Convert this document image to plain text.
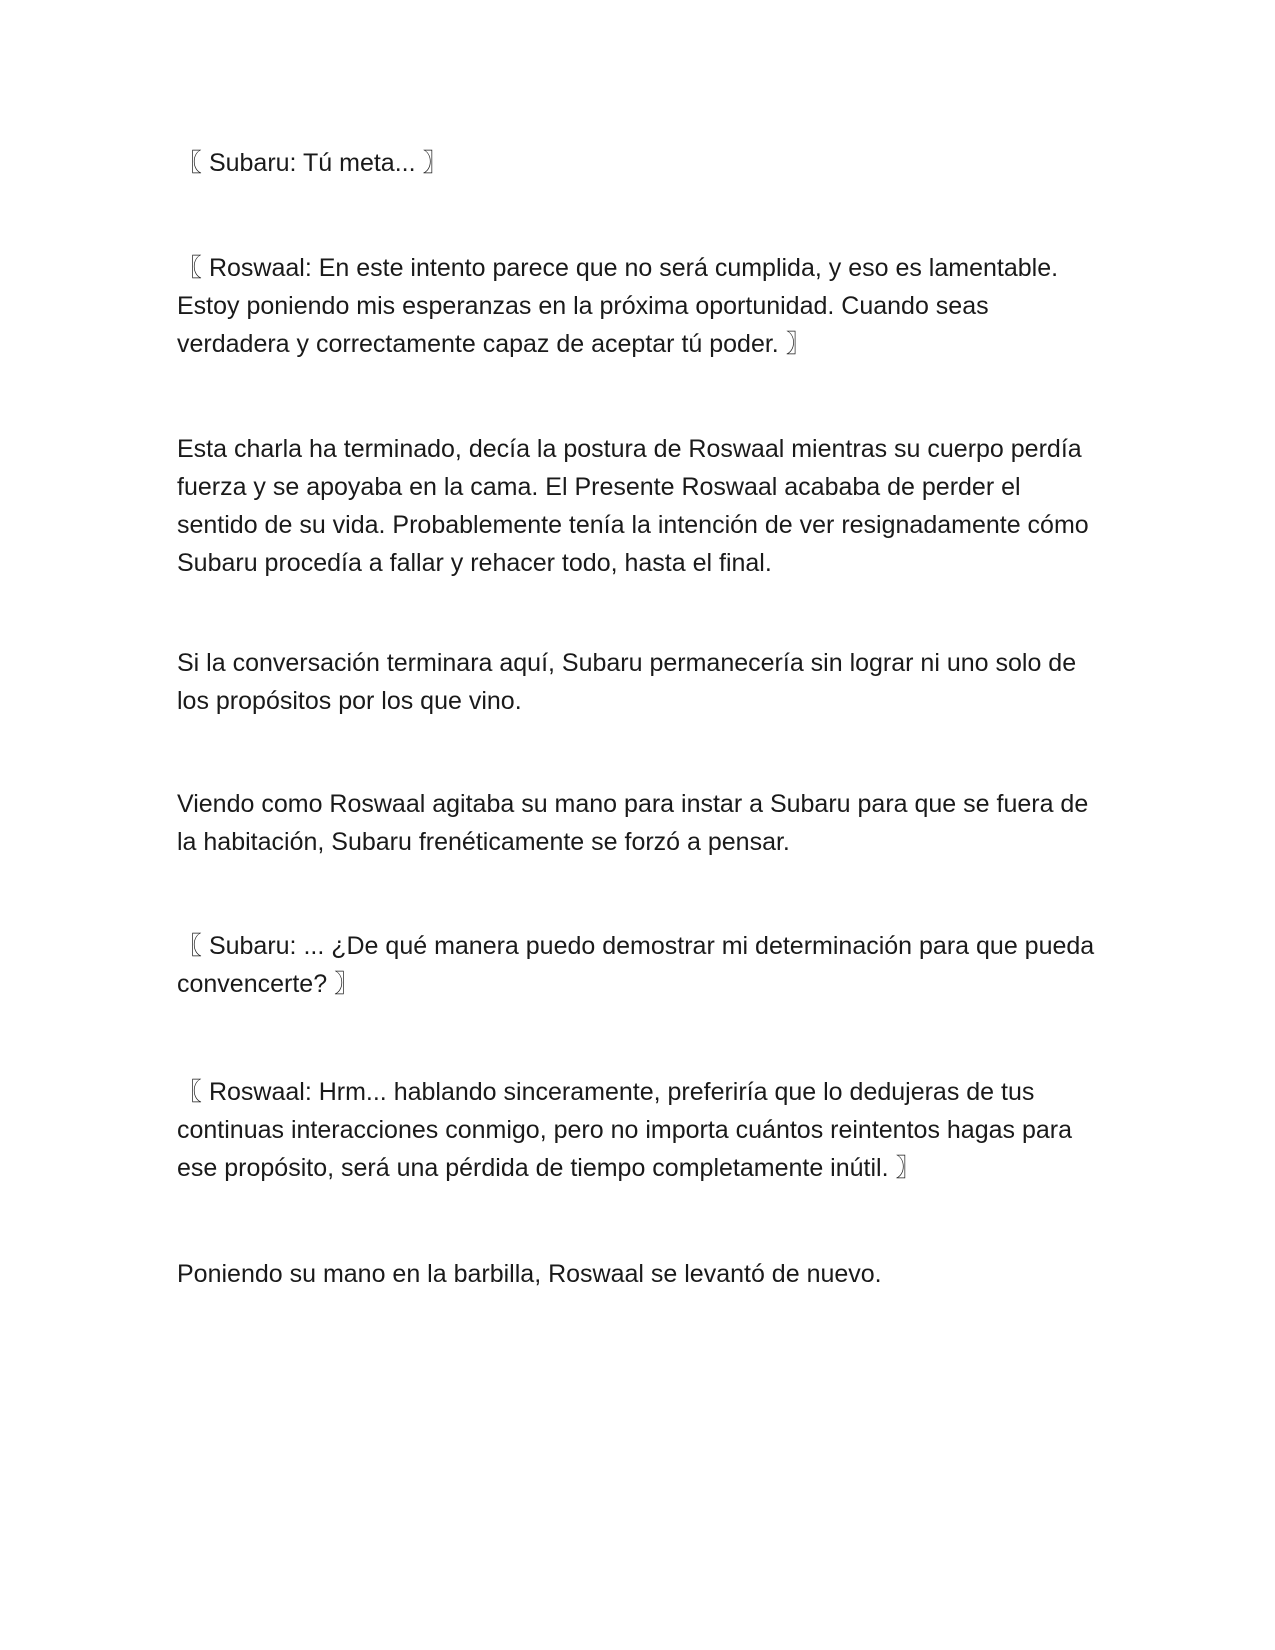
〖 Subaru: Tú meta... 〗

〖 Roswaal: En este intento parece que no será cumplida, y eso es lamentable. Estoy poniendo mis esperanzas en la próxima oportunidad. Cuando seas verdadera y correctamente capaz de aceptar tú poder. 〗

Esta charla ha terminado, decía la postura de Roswaal mientras su cuerpo perdía fuerza y se apoyaba en la cama. El Presente Roswaal acababa de perder el sentido de su vida. Probablemente tenía la intención de ver resignadamente cómo Subaru procedía a fallar y rehacer todo, hasta el final.

Si la conversación terminara aquí, Subaru permanecería sin lograr ni uno solo de los propósitos por los que vino.

Viendo como Roswaal agitaba su mano para instar a Subaru para que se fuera de la habitación, Subaru frenéticamente se forzó a pensar.

〖 Subaru: ... ¿De qué manera puedo demostrar mi determinación para que pueda convencerte? 〗

〖 Roswaal: Hrm... hablando sinceramente, preferiría que lo dedujeras de tus continuas interacciones conmigo, pero no importa cuántos reintentos hagas para ese propósito, será una pérdida de tiempo completamente inútil. 〗

Poniendo su mano en la barbilla, Roswaal se levantó de nuevo.
